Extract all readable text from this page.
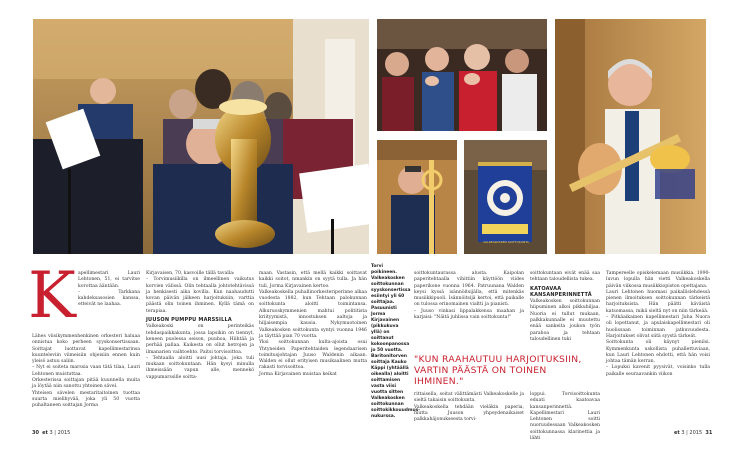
K apellimestari Lauri Lehtonen, 51, ei tarvitse korottaa ääntään.

– Tarkkana kahdeksasosien kanssa, etteivät ne laahaa.

Lähes viisikymmenhenkinen orkesteri haluaa onnistua koko perheen syyskonsertissaan. Soittajat luottavat kapellimestarinsa kuunteleviin viimeisiin ohjeisiin ennen kuin yleisö astuu saliin.

– Nyt ei soiteta marssia vaan tätä tilaa, Lauri Lehtonen muistuttaa.

Orkesterissa soittajan pitää kuunnella muita ja löytää niin sanottu yhteinen sävel.

Yhteisen sävelen mestaritaitoinen tuottaa suurta mielihyvää, joka yli 50 vuotta puhaltaneen soittajan Jorma

Kirjavaisen, 70, kasvoille tällä tavalla:

– Torvimusiikilla on ilmeellinen vaikutus korvien välissä. Olin tehtaalla johtotehtävissä ja henkisesti aika kovilla. Kun naahaudutti kovan päivän jälkeen harjoituksiin, varttia päästä olin toinen ihminen. Kyllä tämä on terapiaa.

JUUSON PUMPPU MARSSILLA

Valkeakoski on perinteikäs tehdaspaikkakunta, jossa lapsikin on tiennyt, keneen puolessa seison, puuhoa, Hiihtää ja perhää pallaa. Kaikesta on ollut hetrojen ja ilmanarien vaihtoehto. Paitsi torvisoittoa.

– Tehtaalla aloitti uusi johtaja, joka tuli mukaan soittokuntaan. Hän kysyi minulla ihmeissään vapun alle, mennekö vappumarssille soitta-

maan. Vastasin, että mellä kaikki soittavat kaikki soitot, nmankin on syytä tulla. Ja hän tuli, Jorma Kirjavainen kertoo.

Valkeakoskella puhallinorkesteriperinne alkaa vuodesta 1882, kun Tehtaan palokunnan soittokunta aloitti toimintansa. Alkuruoskymmenien mahtui polititista kriityymistä, innostuksen aaltoja ja hiljaisempia kausia. Nykymuotoinen Valkeakosken soittokunta syntyi vuonna 1946 ja täyttää pian 70 vuotta.

Yksi soittokunnan kulta-ajoista osui Yhtyneiden Paperitehtaiden legendaarisen toimitusjohtajan Juuso Waldenin aikaan. Walden ei ollut erityisen musikaalinen mutta rakasti torvisoittoa.

Jorma Kirjavainen muistaa keikat

Torvi poikineen. Valkeakosken soittokunnan syyskonsertissa esiintyi yli 60 soittajaa. Pasuunisti Jorma Kirjavainen (pikkukuva yllä) on soittanut kokoonpanossa jo 50 vuotta. Baritonitorven soittaja Kauko Käppi (yhtäällä oikealla) aloitti soittamisen vasta viisi vuotta sitten Valkeakosken soittokunnan soittokikkouudmus-nukurssa.

soittokuntaurassa alusta. Kaipolan paperitehtaalla vihittiin käyttöön viides paperikone vuonna 1964. Patruunana Walden keysi kyssä isännöitsijälla, että mitenkäs musiikkipuoli. Isännöitsijä kertoi, että paikalle on tulossa erinomainen vialtti ja pianisti.

– Juuso vinkasi lippalakkensa maahan ja karjaisi: "Näitä juhlissa vain soittokunta!"

"KUN RAAHAUTUU HARJOITUKSIIN, VARTIN PÄÄSTÄ ON TOINEN IHMINEN."

rittaisella, soitat välittämästi Valkeakoskelle ja sieltä takaisin soittokunta.

Valkeakoskella tehdään vieläkin paperia, mutta Juuson yhpeydenaikaiset palkkahäjonukseesta torvi-

soittokuntaan eivät enää saa tehtaan taloudellista tukea.

KATOAVAA KANSANPERINNETTÄ

Valkeakosken soittokunnan hiipuminen alkoi pikkuhiljaa. Nuoria ei tullut mukaan, palkkakunnalle ei muutettu enää sankeita joukon työn parahoa ja tehtaan taloudellinen tuki

loppui. Torvisoittokunta eduati kaatoavaa kansanperinnettä.

Kapellimestari Lauri Lehtonen soitti nuoruudessaan Valkeakosken soittokunnassa klarinettia ja lähti

Tampereelle opiskelemaan musiikkia. 1990-luvun lopulla hän vietti Valkeakoskella päivän viikossa musiikkiopiston opettajana.

Lauri Lehtonen huomasi paikallislehdessä pienen ilmoituksen soittokunnan tärkeistä harjoituksista. Hän päätti käväistä katsomassa, mikä sieltä nyt on niin tärkeää.

– Pitkäaikainen kapellimestari Juha Nuora oli lopettanut, ja apulaiskapellimestari oli huolissaan toiminnan jatkuvuudesta. Harjoitukset olivat siitä syystä tärkeät.

Soittokunta oli käynyt pienilsi. Kymmenkunta uskollista puhallettuviaan, kun Lauri Lehtonen ehdotti, että hän voisi johtaa tämän kerran.

– Lopuksi kavenit pyysivät, voisinko tulla paikalle seuraavankin viikon

30 et 3 | 2015	et 3 | 2015 31
VALKEAKOSKEN SOITTOKUNTA
